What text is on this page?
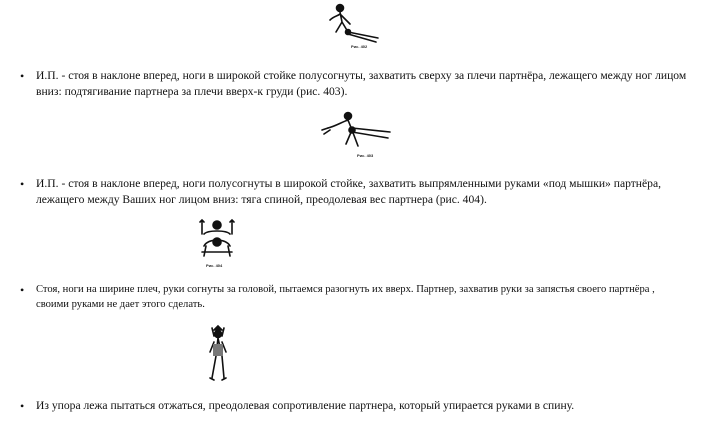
Рис. 402
•	И.П. - стоя в наклоне вперед, ноги в широкой стойке полусогнуты, захватить сверху за плечи партнёра, лежащего между ног лицом вниз: подтягивание партнера за плечи вверх-к груди (рис. 403).
Рис. 403
•	И.П. - стоя в наклоне вперед, ноги полусогнуты в широкой стойке, захватить выпрямленными руками «под мышки» партнёра, лежащего между Ваших ног лицом вниз: тяга спиной, преодолевая вес партнера (рис. 404).
Рис. 404
•	Стоя, ноги на ширине плеч, руки согнуты за головой, пытаемся разогнуть их вверх. Партнер, захватив руки за запястья своего партнёра , своими руками не дает этого сделать.
•	Из упора лежа пытаться отжаться, преодолевая сопротивление партнера, который упирается руками в спину.
